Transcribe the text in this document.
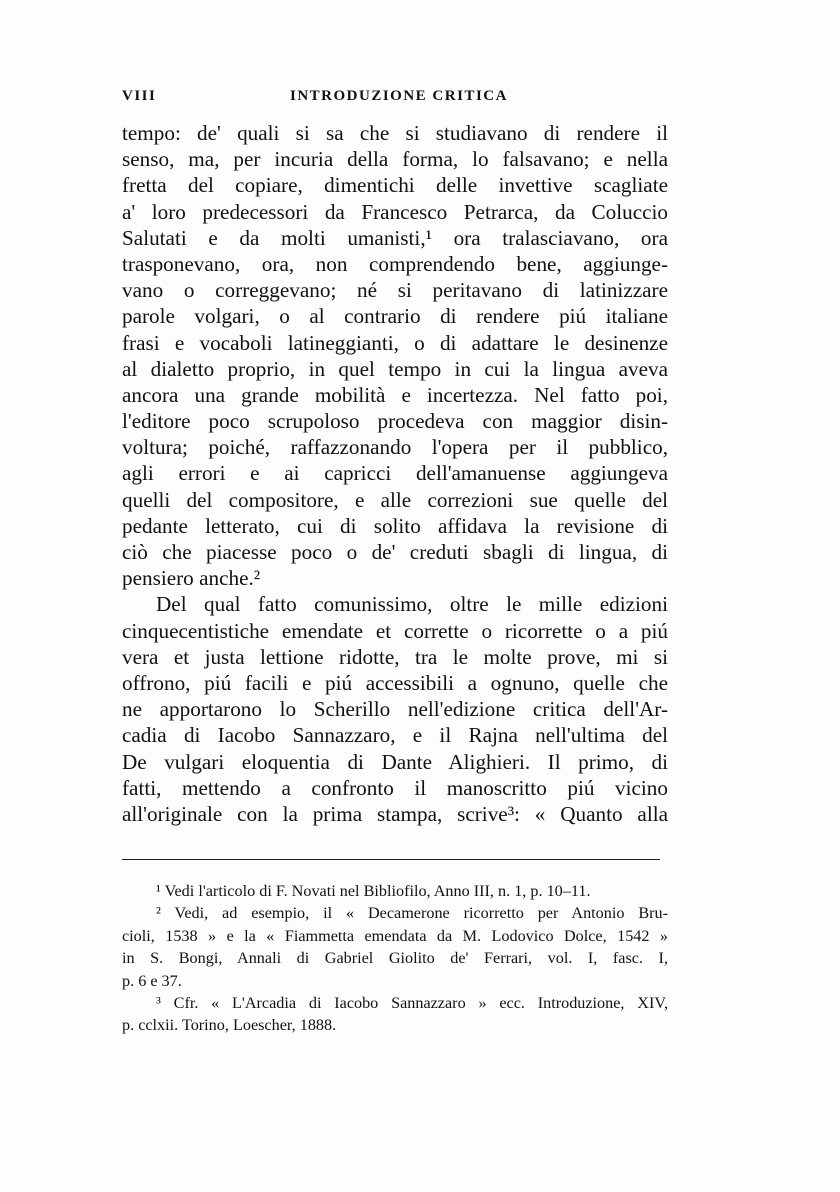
VIII	INTRODUZIONE CRITICA
tempo: de' quali si sa che si studiavano di rendere il
senso, ma, per incuria della forma, lo falsavano; e nella
fretta del copiare, dimentichi delle invettive scagliate
a' loro predecessori da Francesco Petrarca, da Coluccio
Salutati e da molti umanisti,¹ ora tralasciavano, ora
trasponevano, ora, non comprendendo bene, aggiunge-
vano o correggevano; né si peritavano di latinizzare
parole volgari, o al contrario di rendere piú italiane
frasi e vocaboli latineggianti, o di adattare le desinenze
al dialetto proprio, in quel tempo in cui la lingua aveva
ancora una grande mobilità e incertezza. Nel fatto poi,
l'editore poco scrupoloso procedeva con maggior disin-
voltura; poiché, raffazzonando l'opera per il pubblico,
agli errori e ai capricci dell'amanuense aggiungeva
quelli del compositore, e alle correzioni sue quelle del
pedante letterato, cui di solito affidava la revisione di
ciò che piacesse poco o de' creduti sbagli di lingua, di
pensiero anche.²
Del qual fatto comunissimo, oltre le mille edizioni
cinquecentistiche emendate et corrette o ricorrette o a piú
vera et justa lettione ridotte, tra le molte prove, mi si
offrono, piú facili e piú accessibili a ognuno, quelle che
ne apportarono lo Scherillo nell'edizione critica dell'Ar-
cadia di Iacobo Sannazzaro, e il Rajna nell'ultima del
De vulgari eloquentia di Dante Alighieri. Il primo, di
fatti, mettendo a confronto il manoscritto piú vicino
all'originale con la prima stampa, scrive³: « Quanto alla
¹ Vedi l'articolo di F. Novati nel Bibliofilo, Anno III, n. 1, p. 10–11.
² Vedi, ad esempio, il « Decamerone ricorretto per Antonio Bru-
cioli, 1538 » e la « Fiammetta emendata da M. Lodovico Dolce, 1542 »
in S. Bongi, Annali di Gabriel Giolito de' Ferrari, vol. I, fasc. I,
p. 6 e 37.
³ Cfr. « L'Arcadia di Iacobo Sannazzaro » ecc. Introduzione, XIV,
p. cclxii. Torino, Loescher, 1888.
